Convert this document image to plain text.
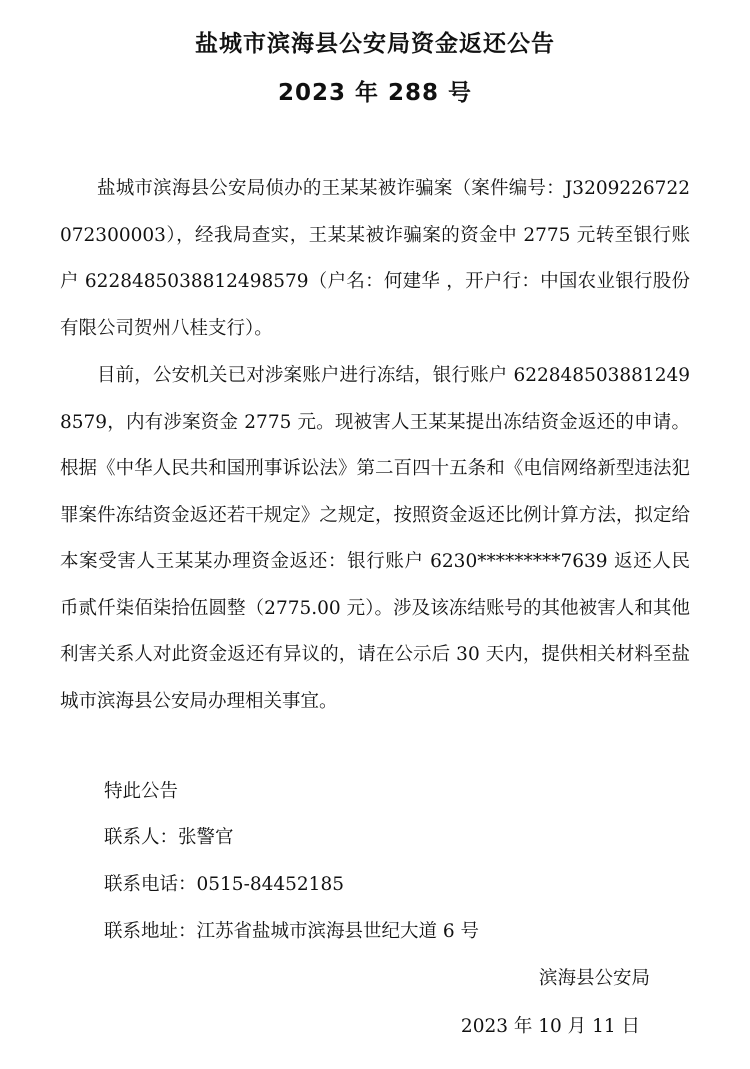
盐城市滨海县公安局资金返还公告
2023 年 288 号

盐城市滨海县公安局侦办的王某某被诈骗案（案件编号：J3209226722072300003），经我局查实，王某某被诈骗案的资金中 2775 元转至银行账户 6228485038812498579（户名：何建华 ，开户行：中国农业银行股份有限公司贺州八桂支行）。

目前，公安机关已对涉案账户进行冻结，银行账户 6228485038812498579，内有涉案资金 2775 元。现被害人王某某提出冻结资金返还的申请。根据《中华人民共和国刑事诉讼法》第二百四十五条和《电信网络新型违法犯罪案件冻结资金返还若干规定》之规定，按照资金返还比例计算方法，拟定给本案受害人王某某办理资金返还：银行账户 6230*********7639 返还人民币贰仟柒佰柒拾伍圆整（2775.00 元）。涉及该冻结账号的其他被害人和其他利害关系人对此资金返还有异议的，请在公示后 30 天内，提供相关材料至盐城市滨海县公安局办理相关事宜。

特此公告
联系人：张警官
联系电话：0515-84452185
联系地址：江苏省盐城市滨海县世纪大道 6 号
滨海县公安局
2023 年 10 月 11 日
